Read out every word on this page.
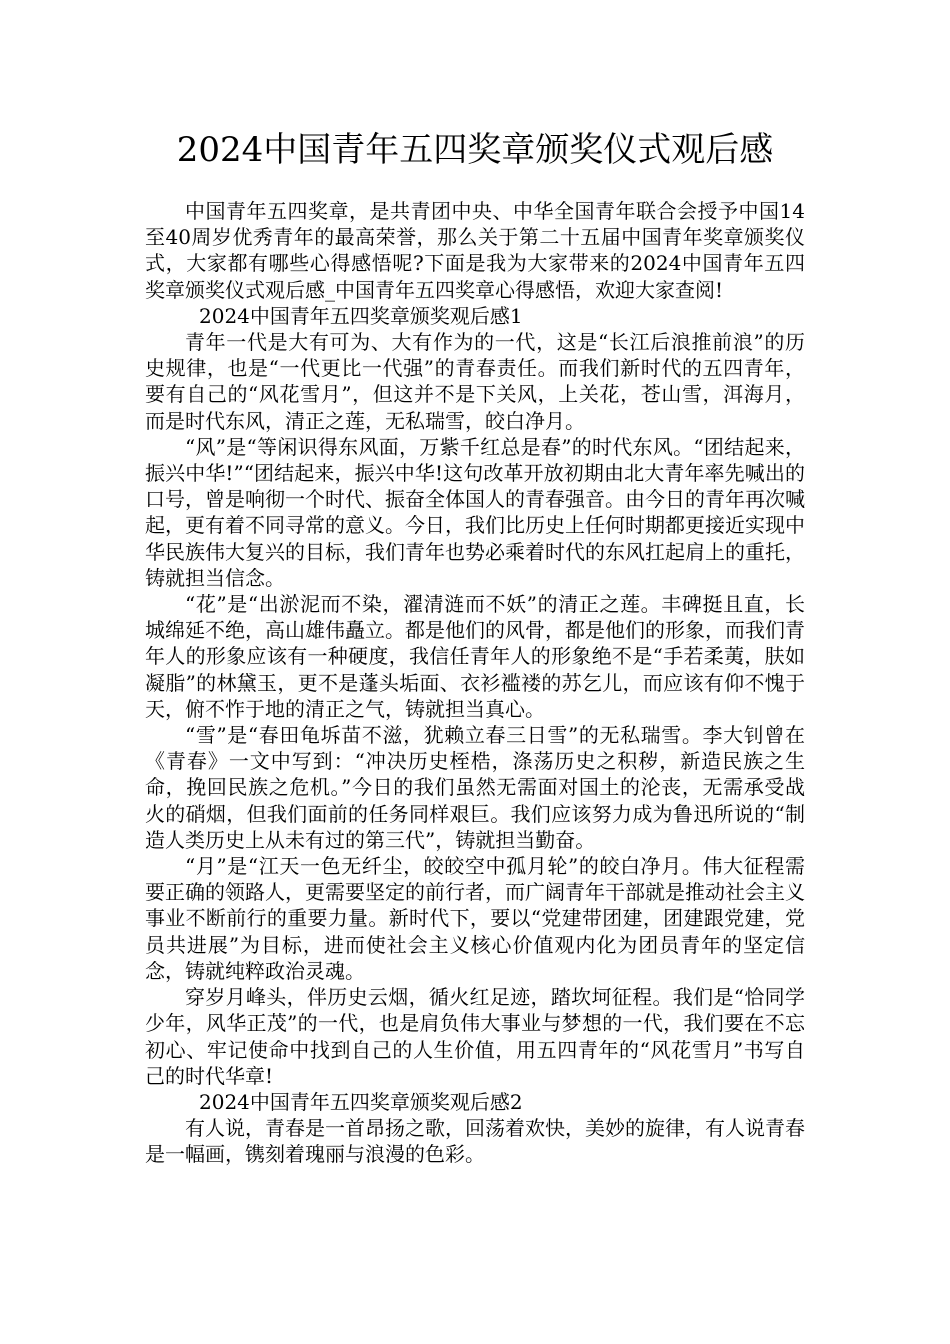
2024中国青年五四奖章颁奖仪式观后感

中国青年五四奖章，是共青团中央、中华全国青年联合会授予中国14至40周岁优秀青年的最高荣誉，那么关于第二十五届中国青年奖章颁奖仪式，大家都有哪些心得感悟呢?下面是我为大家带来的2024中国青年五四奖章颁奖仪式观后感_中国青年五四奖章心得感悟，欢迎大家查阅!

2024中国青年五四奖章颁奖观后感1

青年一代是大有可为、大有作为的一代，这是“长江后浪推前浪”的历史规律，也是“一代更比一代强”的青春责任。而我们新时代的五四青年，要有自己的“风花雪月”，但这并不是下关风，上关花，苍山雪，洱海月，而是时代东风，清正之莲，无私瑞雪，皎白净月。

“风”是“等闲识得东风面，万紫千红总是春”的时代东风。“团结起来，振兴中华!”“团结起来，振兴中华!这句改革开放初期由北大青年率先喊出的口号，曾是响彻一个时代、振奋全体国人的青春强音。由今日的青年再次喊起，更有着不同寻常的意义。今日，我们比历史上任何时期都更接近实现中华民族伟大复兴的目标，我们青年也势必乘着时代的东风扛起肩上的重托，铸就担当信念。

“花”是“出淤泥而不染，濯清涟而不妖”的清正之莲。丰碑挺且直，长城绵延不绝，高山雄伟矗立。都是他们的风骨，都是他们的形象，而我们青年人的形象应该有一种硬度，我信任青年人的形象绝不是“手若柔荑，肤如凝脂”的林黛玉，更不是蓬头垢面、衣衫褴褛的苏乞儿，而应该有仰不愧于天，俯不怍于地的清正之气，铸就担当真心。

“雪”是“春田龟坼苗不滋，犹赖立春三日雪”的无私瑞雪。李大钊曾在《青春》一文中写到：“冲决历史桎梏，涤荡历史之积秽，新造民族之生命，挽回民族之危机。”今日的我们虽然无需面对国土的沦丧，无需承受战火的硝烟，但我们面前的任务同样艰巨。我们应该努力成为鲁迅所说的“制造人类历史上从未有过的第三代”，铸就担当勤奋。

“月”是“江天一色无纤尘，皎皎空中孤月轮”的皎白净月。伟大征程需要正确的领路人，更需要坚定的前行者，而广阔青年干部就是推动社会主义事业不断前行的重要力量。新时代下，要以“党建带团建，团建跟党建，党员共进展”为目标，进而使社会主义核心价值观内化为团员青年的坚定信念，铸就纯粹政治灵魂。

穿岁月峰头，伴历史云烟，循火红足迹，踏坎坷征程。我们是“恰同学少年，风华正茂”的一代，也是肩负伟大事业与梦想的一代，我们要在不忘初心、牢记使命中找到自己的人生价值，用五四青年的“风花雪月”书写自己的时代华章!

2024中国青年五四奖章颁奖观后感2

有人说，青春是一首昂扬之歌，回荡着欢快，美妙的旋律，有人说青春是一幅画，镌刻着瑰丽与浪漫的色彩。
